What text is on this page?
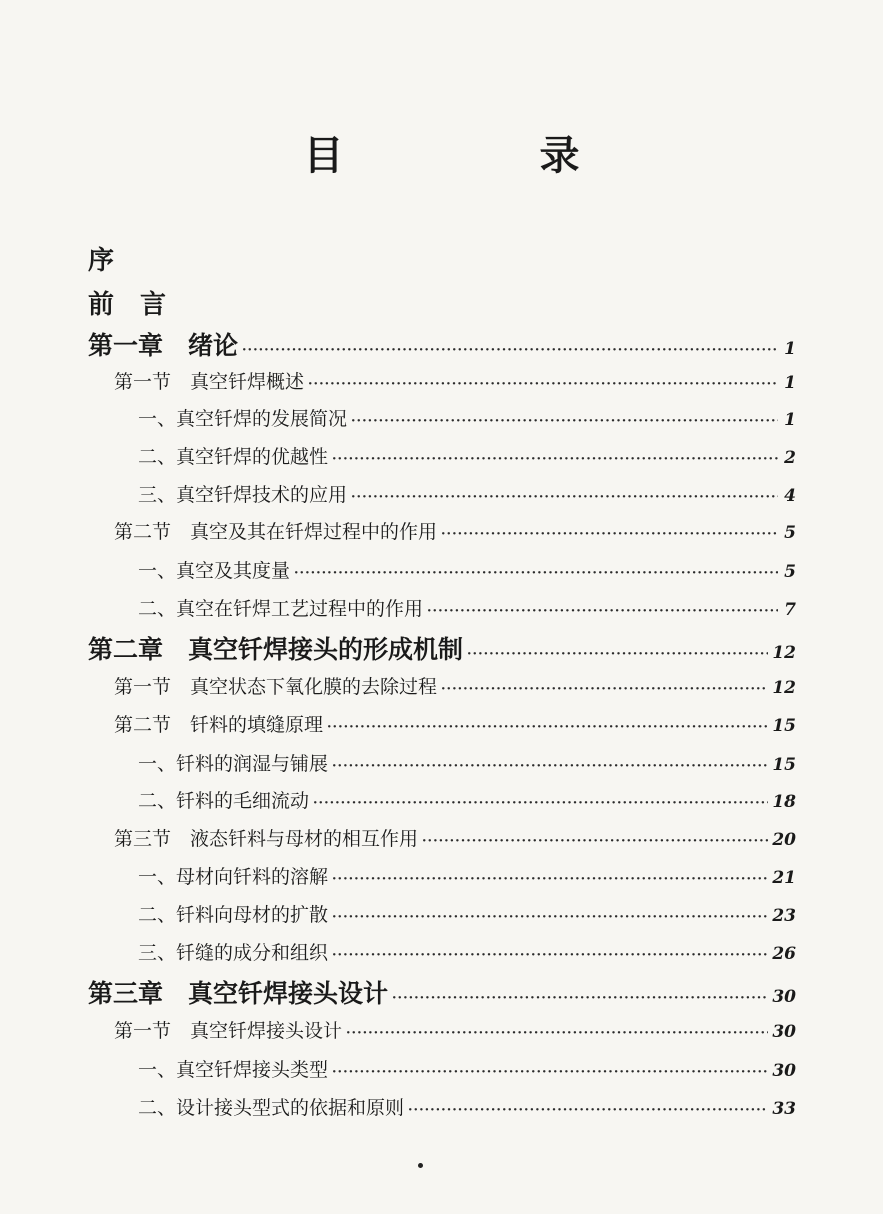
目　录
序
前　言
第一章　绪论 ·····	1
第一节　真空钎焊概述 ·····	1
一、真空钎焊的发展简况 ·····	1
二、真空钎焊的优越性 ·····	2
三、真空钎焊技术的应用 ·····	4
第二节　真空及其在钎焊过程中的作用 ·····	5
一、真空及其度量 ·····	5
二、真空在钎焊工艺过程中的作用 ·····	7
第二章　真空钎焊接头的形成机制 ·····	12
第一节　真空状态下氧化膜的去除过程 ·····	12
第二节　钎料的填缝原理 ·····	15
一、钎料的润湿与铺展 ·····	15
二、钎料的毛细流动 ·····	18
第三节　液态钎料与母材的相互作用 ·····	20
一、母材向钎料的溶解 ·····	21
二、钎料向母材的扩散 ·····	23
三、钎缝的成分和组织 ·····	26
第三章　真空钎焊接头设计 ·····	30
第一节　真空钎焊接头设计 ·····	30
一、真空钎焊接头类型 ·····	30
二、设计接头型式的依据和原则 ·····	33
